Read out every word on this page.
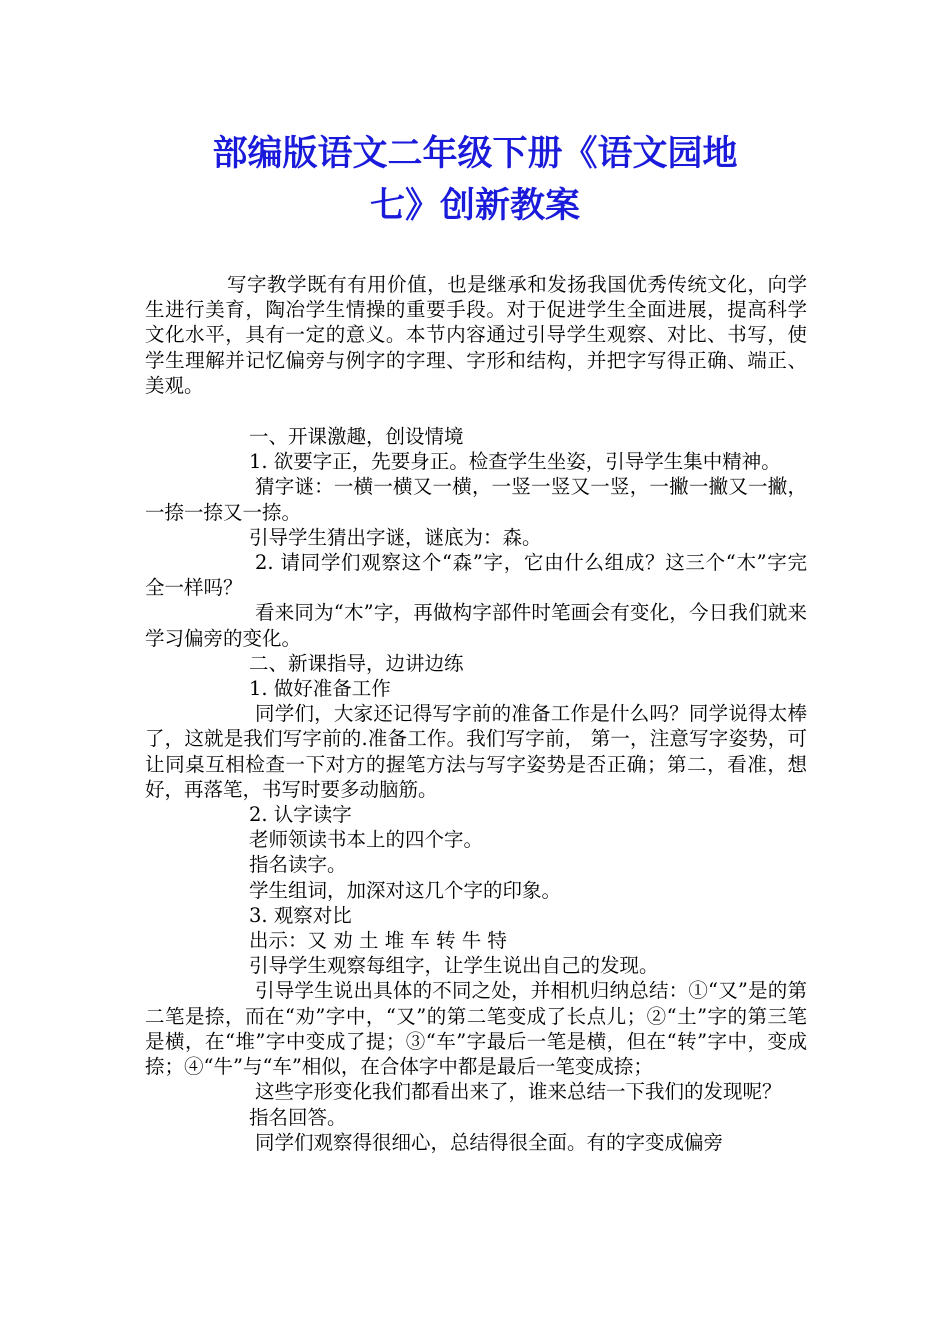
部编版语文二年级下册《语文园地
七》创新教案

写字教学既有有用价值，也是继承和发扬我国优秀传统文化，向学生进行美育，陶冶学生情操的重要手段。对于促进学生全面进展，提高科学文化水平，具有一定的意义。本节内容通过引导学生观察、对比、书写，使学生理解并记忆偏旁与例字的字理、字形和结构，并把字写得正确、端正、美观。

一、开课激趣，创设情境

1. 欲要字正，先要身正。检查学生坐姿，引导学生集中精神。

猜字谜：一横一横又一横，一竖一竖又一竖，一撇一撇又一撇，一捺一捺又一捺。

引导学生猜出字谜，谜底为：森。

2. 请同学们观察这个“森”字，它由什么组成？这三个“木”字完全一样吗？

看来同为“木”字，再做构字部件时笔画会有变化，今日我们就来学习偏旁的变化。

二、新课指导，边讲边练

1. 做好准备工作

同学们，大家还记得写字前的准备工作是什么吗？同学说得太棒了，这就是我们写字前的.准备工作。我们写字前， 第一，注意写字姿势，可让同桌互相检查一下对方的握笔方法与写字姿势是否正确；第二，看准，想好，再落笔，书写时要多动脑筋。

2. 认字读字

老师领读书本上的四个字。

指名读字。

学生组词，加深对这几个字的印象。

3. 观察对比

出示：又 劝 土 堆 车 转 牛 特

引导学生观察每组字，让学生说出自己的发现。

引导学生说出具体的不同之处，并相机归纳总结：①“又”是的第二笔是捺，而在“劝”字中，“又”的第二笔变成了长点儿；②“土”字的第三笔是横，在“堆”字中变成了提；③“车”字最后一笔是横，但在“转”字中，变成捺；④“牛”与“车”相似，在合体字中都是最后一笔变成捺；

这些字形变化我们都看出来了，谁来总结一下我们的发现呢？

指名回答。

同学们观察得很细心，总结得很全面。有的字变成偏旁
